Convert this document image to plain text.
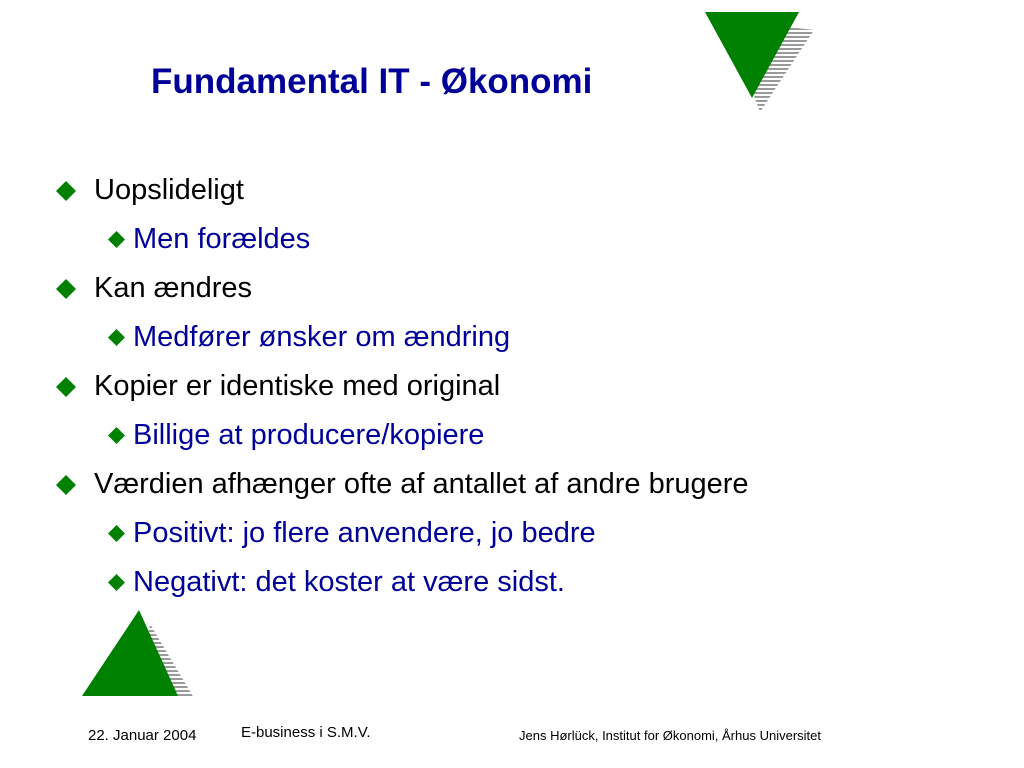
Fundamental IT - Økonomi
Uopslideligt
Men forældes
Kan ændres
Medfører ønsker om ændring
Kopier er identiske med original
Billige at producere/kopiere
Værdien afhænger ofte af antallet af andre brugere
Positivt: jo flere anvendere, jo bedre
Negativt: det koster at være sidst.
22. Januar 2004	E-business i S.M.V.	Jens Hørlück, Institut for Økonomi, Århus Universitet
